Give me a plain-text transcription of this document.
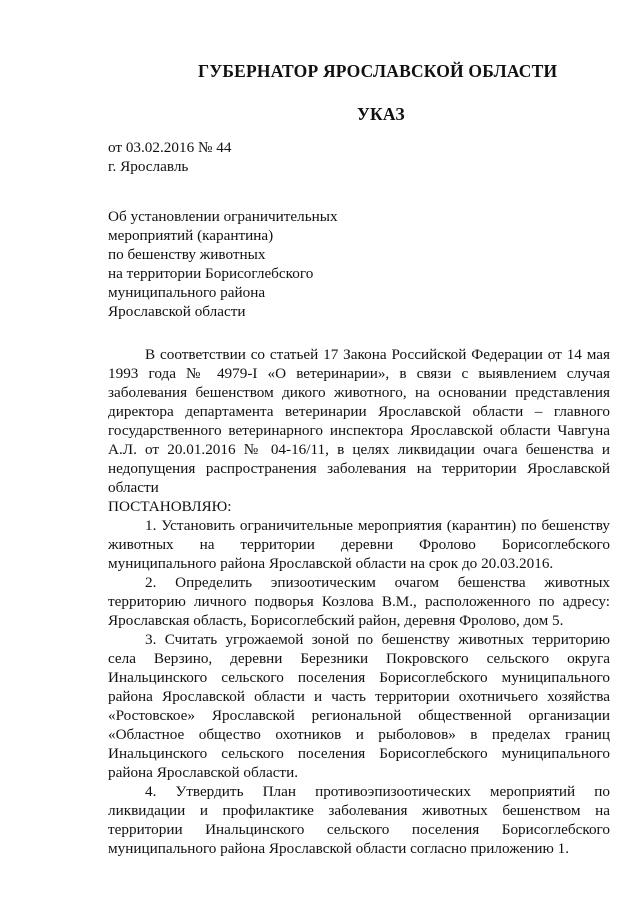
ГУБЕРНАТОР ЯРОСЛАВСКОЙ ОБЛАСТИ
УКАЗ
от 03.02.2016 № 44
г. Ярославль
Об установлении ограничительных
мероприятий (карантина)
по бешенству животных
на территории Борисоглебского
муниципального района
Ярославской области

В соответствии со статьей 17 Закона Российской Федерации от 14 мая 1993 года № 4979-I «О ветеринарии», в связи с выявлением случая заболевания бешенством дикого животного, на основании представления директора департамента ветеринарии Ярославской области – главного государственного ветеринарного инспектора Ярославской области Чавгуна А.Л. от 20.01.2016 № 04-16/11, в целях ликвидации очага бешенства и недопущения распространения заболевания на территории Ярославской области

ПОСТАНОВЛЯЮ:

1. Установить ограничительные мероприятия (карантин) по бешенству животных на территории деревни Фролово Борисоглебского муниципального района Ярославской области на срок до 20.03.2016.

2. Определить эпизоотическим очагом бешенства животных территорию личного подворья Козлова В.М., расположенного по адресу: Ярославская область, Борисоглебский район, деревня Фролово, дом 5.

3. Считать угрожаемой зоной по бешенству животных территорию села Верзино, деревни Березники Покровского сельского округа Инальцинского сельского поселения Борисоглебского муниципального района Ярославской области и часть территории охотничьего хозяйства «Ростовское» Ярославской региональной общественной организации «Областное общество охотников и рыболовов» в пределах границ Инальцинского сельского поселения Борисоглебского муниципального района Ярославской области.

4. Утвердить План противоэпизоотических мероприятий по ликвидации и профилактике заболевания животных бешенством на территории Инальцинского сельского поселения Борисоглебского муниципального района Ярославской области согласно приложению 1.
